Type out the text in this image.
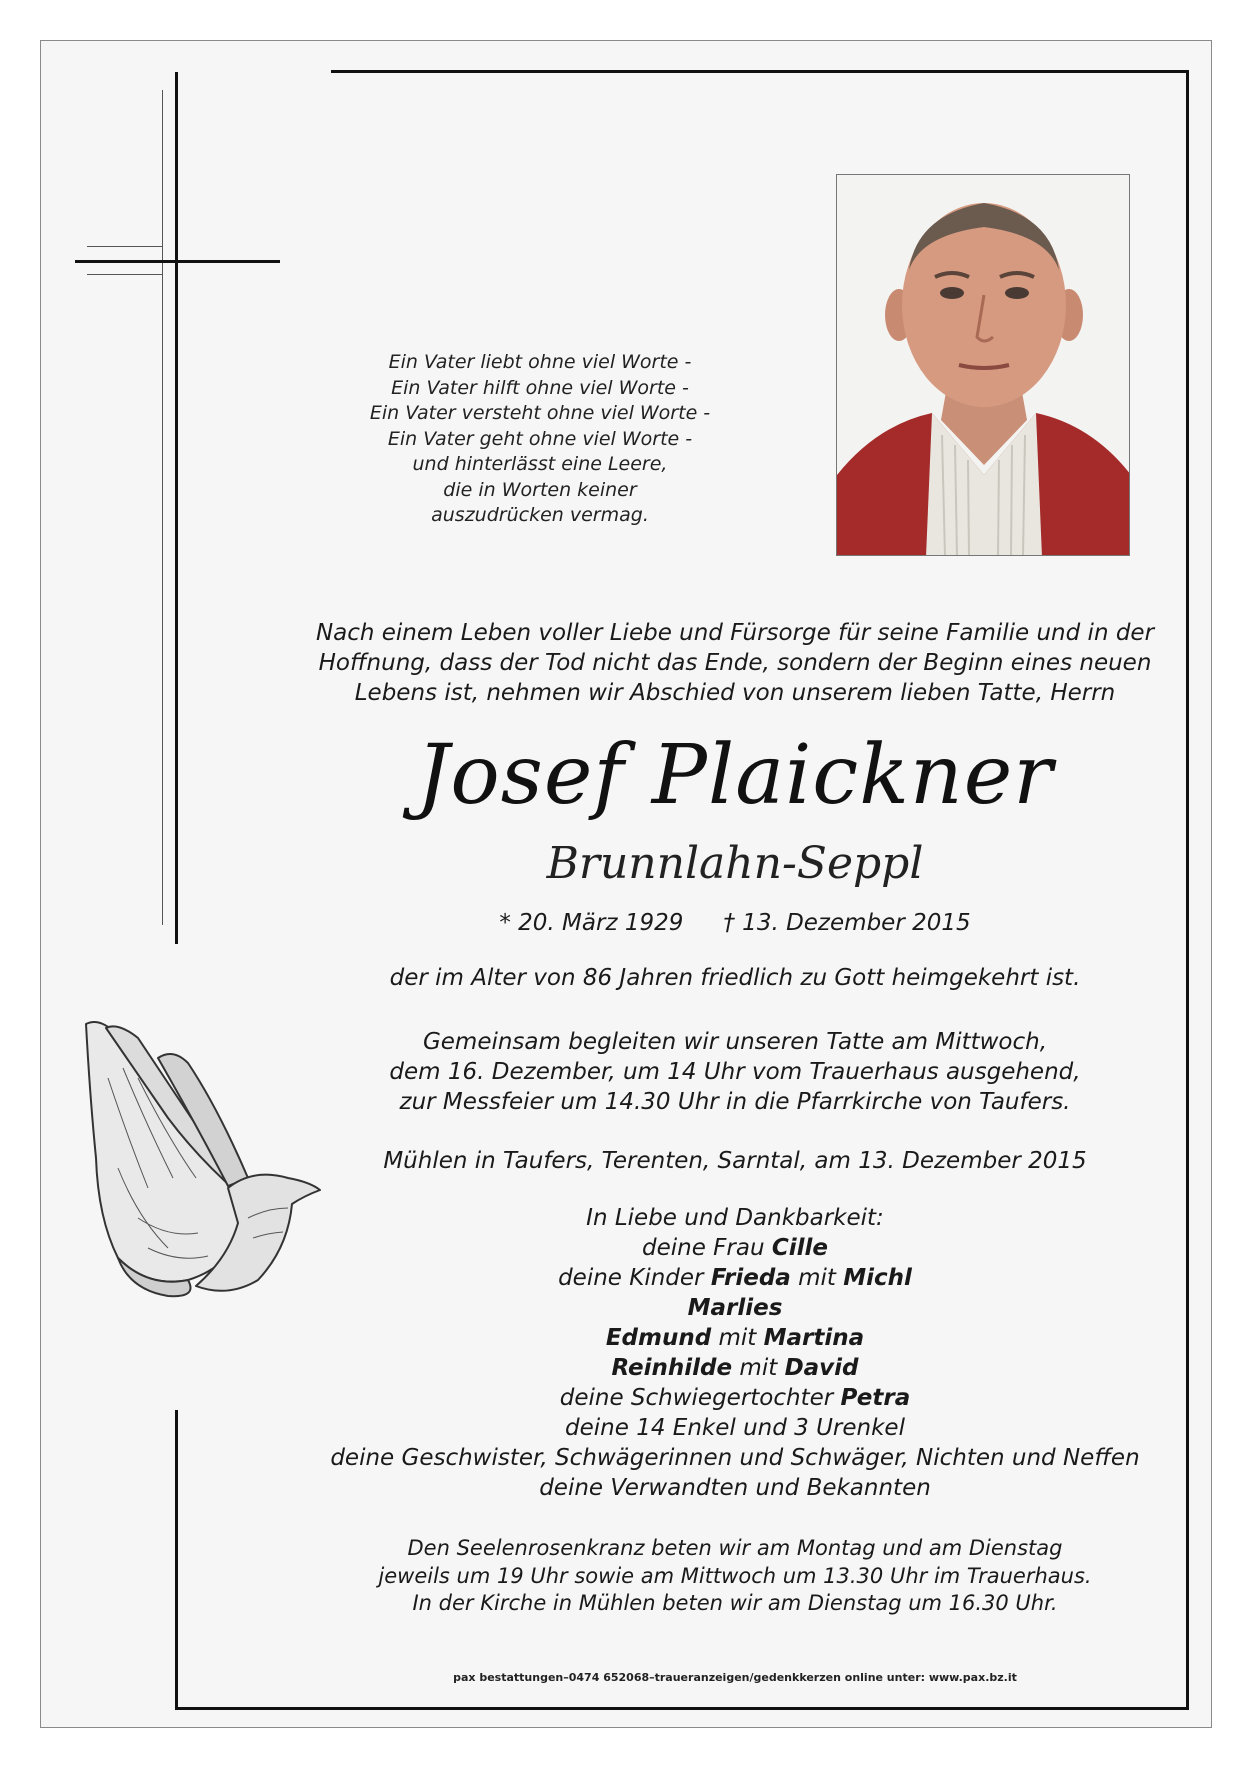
Ein Vater liebt ohne viel Worte -
Ein Vater hilft ohne viel Worte -
Ein Vater versteht ohne viel Worte -
Ein Vater geht ohne viel Worte -
und hinterlässt eine Leere,
die in Worten keiner
auszudrücken vermag.
Nach einem Leben voller Liebe und Fürsorge für seine Familie und in der
Hoffnung, dass der Tod nicht das Ende, sondern der Beginn eines neuen
Lebens ist, nehmen wir Abschied von unserem lieben Tatte, Herrn
Josef Plaickner
Brunnlahn-Seppl
* 20. März 1929 † 13. Dezember 2015
der im Alter von 86 Jahren friedlich zu Gott heimgekehrt ist.
Gemeinsam begleiten wir unseren Tatte am Mittwoch,
dem 16. Dezember, um 14 Uhr vom Trauerhaus ausgehend,
zur Messfeier um 14.30 Uhr in die Pfarrkirche von Taufers.
Mühlen in Taufers, Terenten, Sarntal, am 13. Dezember 2015
In Liebe und Dankbarkeit:
deine Frau Cille
deine Kinder Frieda mit Michl
Marlies
Edmund mit Martina
Reinhilde mit David
deine Schwiegertochter Petra
deine 14 Enkel und 3 Urenkel
deine Geschwister, Schwägerinnen und Schwäger, Nichten und Neffen
deine Verwandten und Bekannten
Den Seelenrosenkranz beten wir am Montag und am Dienstag
jeweils um 19 Uhr sowie am Mittwoch um 13.30 Uhr im Trauerhaus.
In der Kirche in Mühlen beten wir am Dienstag um 16.30 Uhr.
pax bestattungen–0474 652068–traueranzeigen/gedenkkerzen online unter: www.pax.bz.it
